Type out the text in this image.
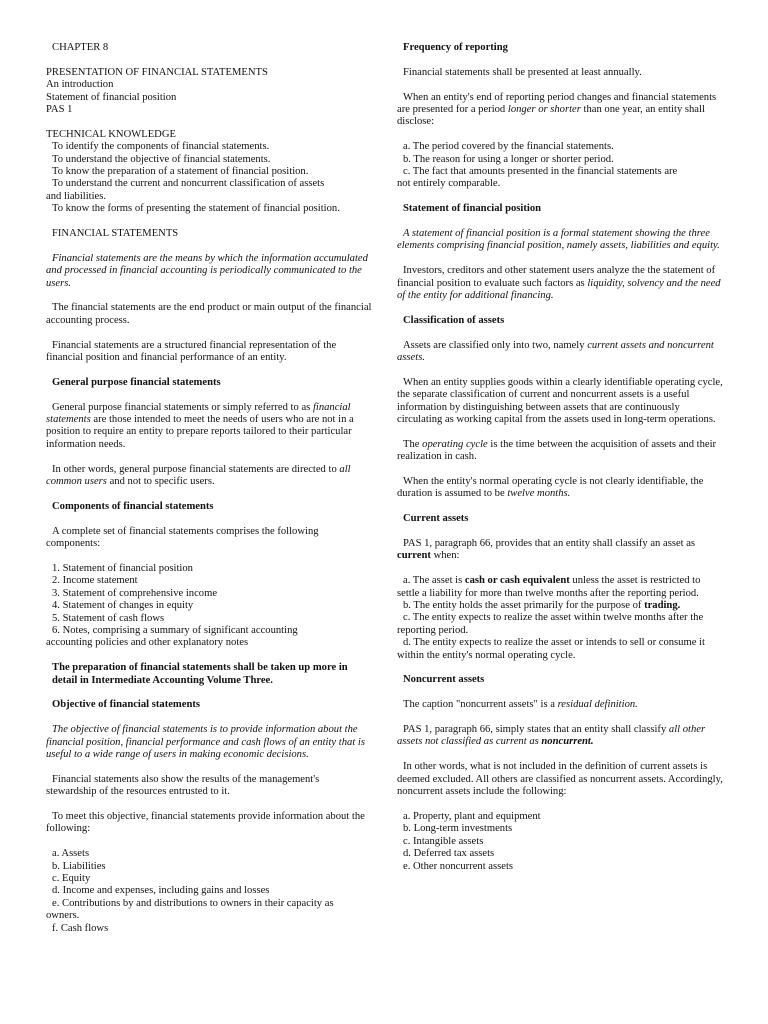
CHAPTER 8

PRESENTATION OF FINANCIAL STATEMENTS

An introduction

Statement of financial position

PAS 1

TECHNICAL KNOWLEDGE

To identify the components of financial statements.

To understand the objective of financial statements.

To know the preparation of a statement of financial position.

To understand the current and noncurrent classification of assets

and liabilities.

To know the forms of presenting the statement of financial position.

FINANCIAL STATEMENTS

Financial statements are the means by which the information accumulated and processed in financial accounting is periodically communicated to the users.

The financial statements are the end product or main output of the financial accounting process.

Financial statements are a structured financial representation of the financial position and financial performance of an entity.

General purpose financial statements

General purpose financial statements or simply referred to as financial statements are those intended to meet the needs of users who are not in a position to require an entity to prepare reports tailored to their particular information needs.

In other words, general purpose financial statements are directed to all common users and not to specific users.

Components of financial statements

A complete set of financial statements comprises the following components:

1. Statement of financial position

2. Income statement

3. Statement of comprehensive income

4. Statement of changes in equity

5. Statement of cash flows

6. Notes, comprising a summary of significant accounting

accounting policies and other explanatory notes

The preparation of financial statements shall be taken up more in detail in Intermediate Accounting Volume Three.

Objective of financial statements

The objective of financial statements is to provide information about the financial position, financial performance and cash flows of an entity that is useful to a wide range of users in making economic decisions.

Financial statements also show the results of the management's stewardship of the resources entrusted to it.

To meet this objective, financial statements provide information about the following:

a. Assets

b. Liabilities

c. Equity

d. Income and expenses, including gains and losses

e. Contributions by and distributions to owners in their capacity as

owners.

f. Cash flows

Frequency of reporting

Financial statements shall be presented at least annually.

When an entity's end of reporting period changes and financial statements are presented for a period longer or shorter than one year, an entity shall disclose:

a. The period covered by the financial statements.

b. The reason for using a longer or shorter period.

c. The fact that amounts presented in the financial statements are

not entirely comparable.

Statement of financial position

A statement of financial position is a formal statement showing the three elements comprising financial position, namely assets, liabilities and equity.

Investors, creditors and other statement users analyze the the statement of financial position to evaluate such factors as liquidity, solvency and the need of the entity for additional financing.

Classification of assets

Assets are classified only into two, namely current assets and noncurrent assets.

When an entity supplies goods within a clearly identifiable operating cycle, the separate classification of current and noncurrent assets is a useful information by distinguishing between assets that are continuously circulating as working capital from the assets used in long-term operations.

The operating cycle is the time between the acquisition of assets and their realization in cash.

When the entity's normal operating cycle is not clearly identifiable, the duration is assumed to be twelve months.

Current assets

PAS 1, paragraph 66, provides that an entity shall classify an asset as current when:

a. The asset is cash or cash equivalent unless the asset is restricted to settle a liability for more than twelve months after the reporting period.

b. The entity holds the asset primarily for the purpose of trading.

c. The entity expects to realize the asset within twelve months after the reporting period.

d. The entity expects to realize the asset or intends to sell or consume it within the entity's normal operating cycle.

Noncurrent assets

The caption "noncurrent assets" is a residual definition.

PAS 1, paragraph 66, simply states that an entity shall classify all other assets not classified as current as noncurrent.

In other words, what is not included in the definition of current assets is deemed excluded. All others are classified as noncurrent assets. Accordingly, noncurrent assets include the following:

a. Property, plant and equipment

b. Long-term investments

c. Intangible assets

d. Deferred tax assets

e. Other noncurrent assets
